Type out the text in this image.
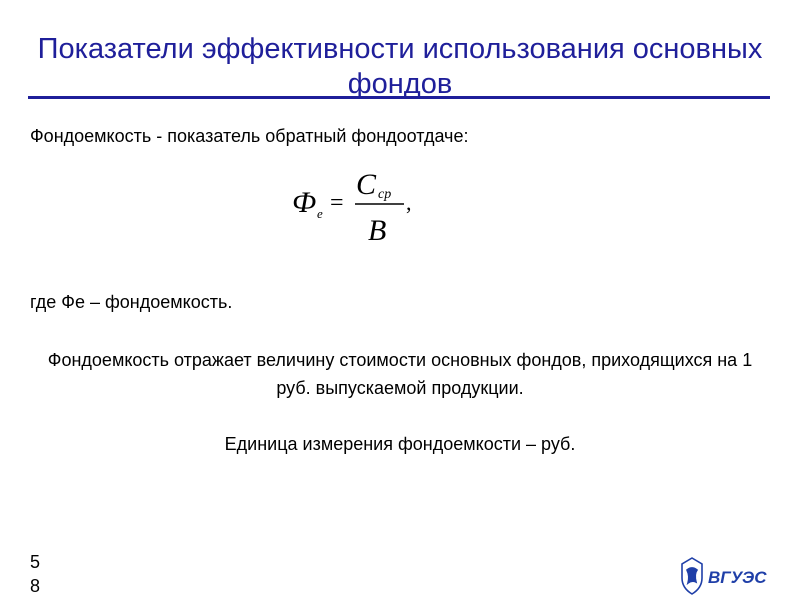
Показатели эффективности использования основных фондов
Фондоемкость - показатель обратный фондоотдаче:
Ф е =
C ср
B
,
где Фе – фондоемкость.
Фондоемкость отражает величину стоимости основных фондов, приходящихся на 1 руб. выпускаемой продукции.
Единица измерения фондоемкости – руб.
5
8	ВГУЭС
